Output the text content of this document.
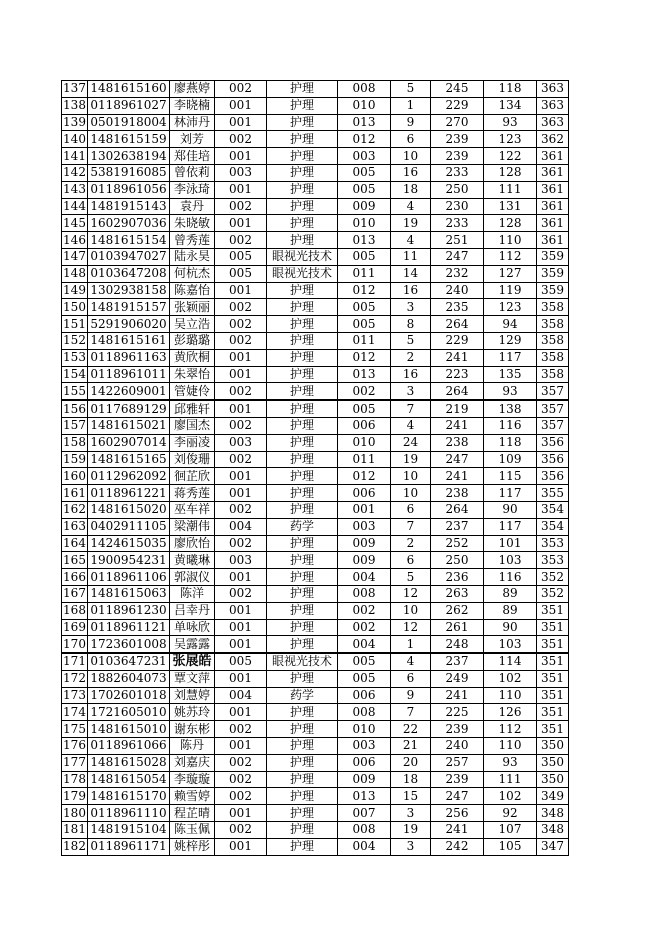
137	1481615160	廖燕婷	002	护理	008	5	245	118	363
138	0118961027	李晓楠	001	护理	010	1	229	134	363
139	0501918004	林沛丹	001	护理	013	9	270	93	363
140	1481615159	刘芳	002	护理	012	6	239	123	362
141	1302638194	郑佳培	001	护理	003	10	239	122	361
142	5381916085	曾依莉	003	护理	005	16	233	128	361
143	0118961056	李泳琦	001	护理	005	18	250	111	361
144	1481915143	袁丹	002	护理	009	4	230	131	361
145	1602907036	朱晓敏	001	护理	010	19	233	128	361
146	1481615154	曾秀莲	002	护理	013	4	251	110	361
147	0103947027	陆永昊	005	眼视光技术	005	11	247	112	359
148	0103647208	何杭杰	005	眼视光技术	011	14	232	127	359
149	1302938158	陈嘉怡	001	护理	012	16	240	119	359
150	1481915157	张颖丽	002	护理	005	3	235	123	358
151	5291906020	吴立浩	002	护理	005	8	264	94	358
152	1481615161	彭璐璐	002	护理	011	5	229	129	358
153	0118961163	黄欣桐	001	护理	012	2	241	117	358
154	0118961011	朱翠怡	001	护理	013	16	223	135	358
155	1422609001	管婕伶	002	护理	002	3	264	93	357
156	0117689129	邱雅轩	001	护理	005	7	219	138	357
157	1481615021	廖国杰	002	护理	006	4	241	116	357
158	1602907014	李丽凌	003	护理	010	24	238	118	356
159	1481615165	刘俊珊	002	护理	011	19	247	109	356
160	0112962092	徊芷欣	001	护理	012	10	241	115	356
161	0118961221	蒋秀莲	001	护理	006	10	238	117	355
162	1481615020	巫车祥	002	护理	001	6	264	90	354
163	0402911105	梁潮伟	004	药学	003	7	237	117	354
164	1424615035	廖欣怡	002	护理	009	2	252	101	353
165	1900954231	黄曦琳	003	护理	009	6	250	103	353
166	0118961106	郭淑仪	001	护理	004	5	236	116	352
167	1481615063	陈洋	002	护理	008	12	263	89	352
168	0118961230	吕幸丹	001	护理	002	10	262	89	351
169	0118961121	单咏欣	001	护理	002	12	261	90	351
170	1723601008	吴露露	001	护理	004	1	248	103	351
171	0103647231	张展皓	005	眼视光技术	005	4	237	114	351
172	1882604073	覃文萍	001	护理	005	6	249	102	351
173	1702601018	刘慧婷	004	药学	006	9	241	110	351
174	1721605010	姚苏玲	001	护理	008	7	225	126	351
175	1481615010	谢东彬	002	护理	010	22	239	112	351
176	0118961066	陈丹	001	护理	003	21	240	110	350
177	1481615028	刘嘉庆	002	护理	006	20	257	93	350
178	1481615054	李璇璇	002	护理	009	18	239	111	350
179	1481615170	赖雪婷	002	护理	013	15	247	102	349
180	0118961110	程芷晴	001	护理	007	3	256	92	348
181	1481915104	陈玉佩	002	护理	008	19	241	107	348
182	0118961171	姚梓彤	001	护理	004	3	242	105	347
